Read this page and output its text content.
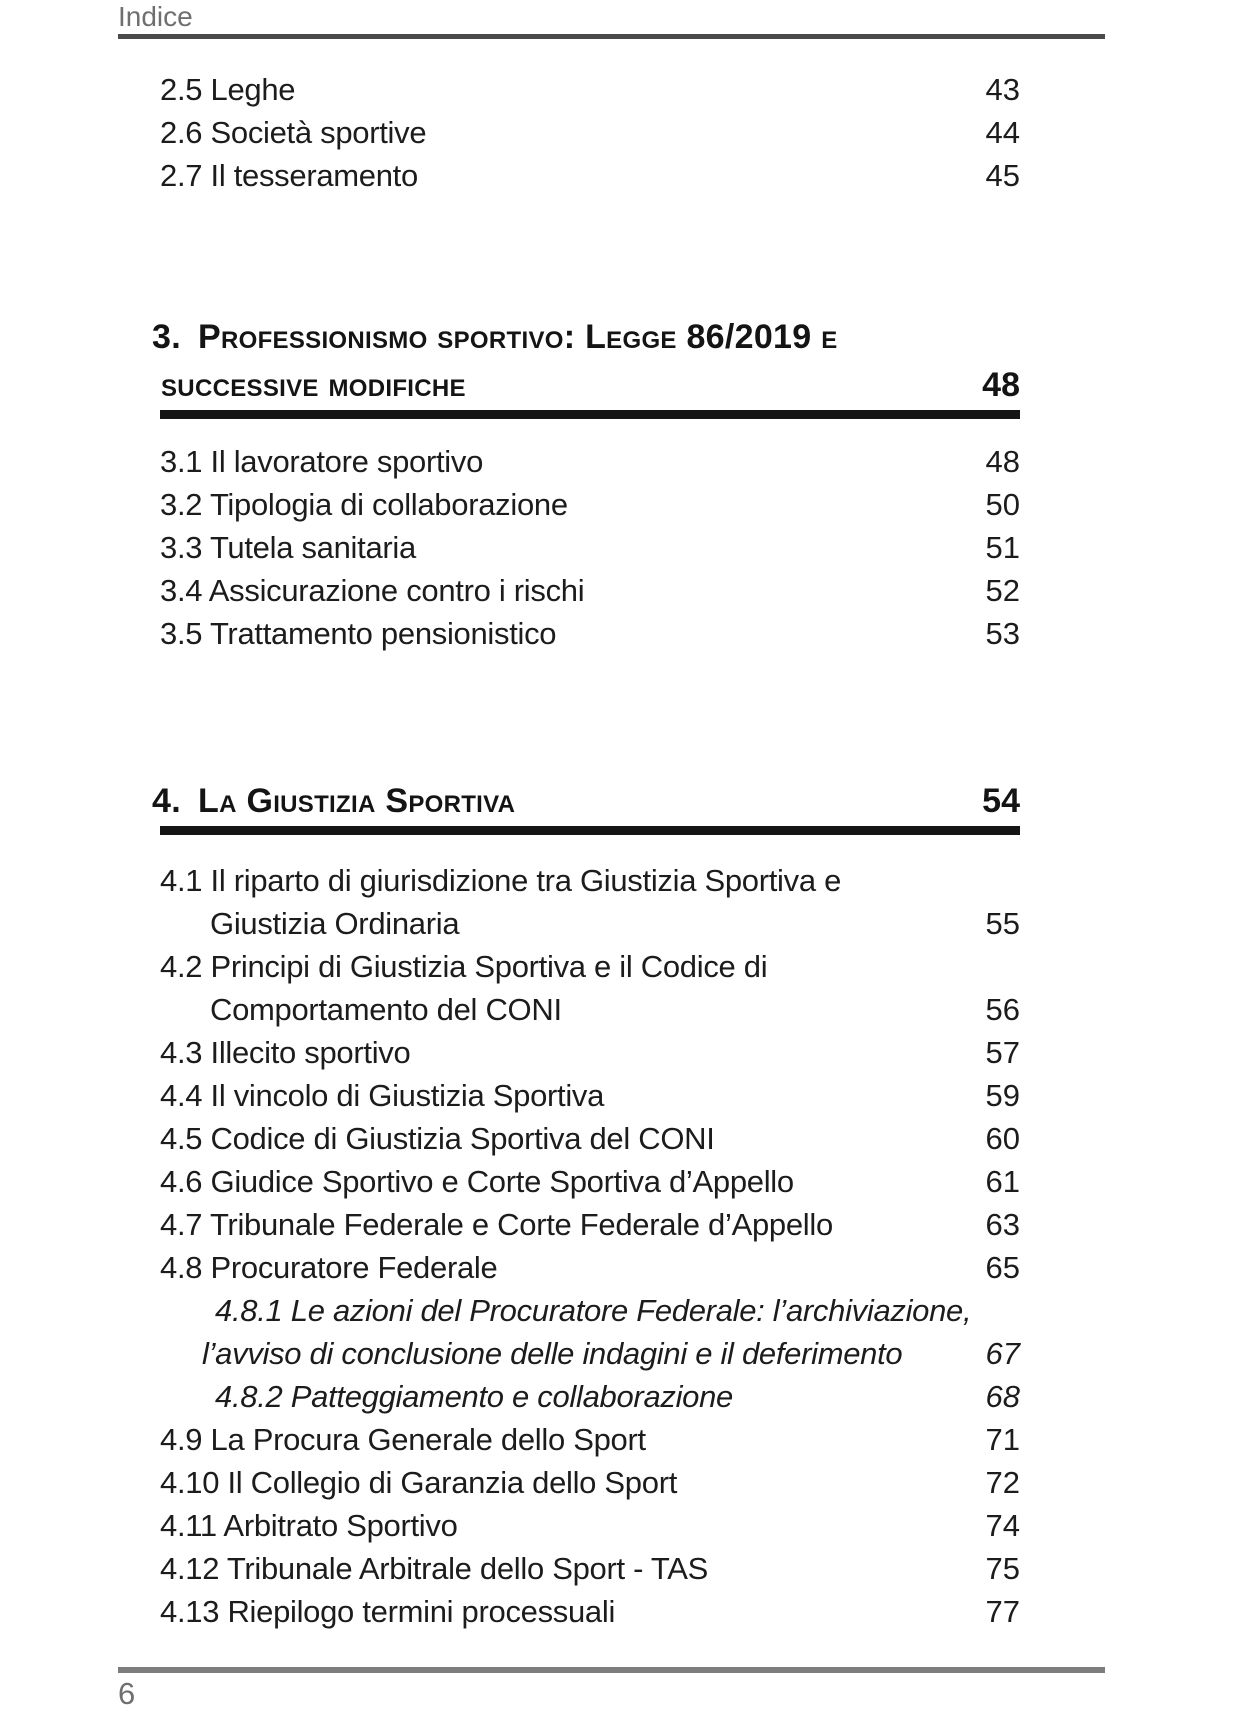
Indice
2.5 Leghe	43
2.6 Società sportive	44
2.7 Il tesseramento	45
3. Professionismo sportivo: Legge 86/2019 e
successive modifiche	48
3.1 Il lavoratore sportivo	48
3.2 Tipologia di collaborazione	50
3.3 Tutela sanitaria	51
3.4 Assicurazione contro i rischi	52
3.5 Trattamento pensionistico	53
4. La Giustizia Sportiva	54
4.1 Il riparto di giurisdizione tra Giustizia Sportiva e
Giustizia Ordinaria	55
4.2 Principi di Giustizia Sportiva e il Codice di
Comportamento del CONI	56
4.3 Illecito sportivo	57
4.4 Il vincolo di Giustizia Sportiva	59
4.5 Codice di Giustizia Sportiva del CONI	60
4.6 Giudice Sportivo e Corte Sportiva d’Appello	61
4.7 Tribunale Federale e Corte Federale d’Appello	63
4.8 Procuratore Federale	65
4.8.1 Le azioni del Procuratore Federale: l’archiviazione,
l’avviso di conclusione delle indagini e il deferimento	67
4.8.2 Patteggiamento e collaborazione	68
4.9 La Procura Generale dello Sport	71
4.10 Il Collegio di Garanzia dello Sport	72
4.11 Arbitrato Sportivo	74
4.12 Tribunale Arbitrale dello Sport - TAS	75
4.13 Riepilogo termini processuali	77
6
